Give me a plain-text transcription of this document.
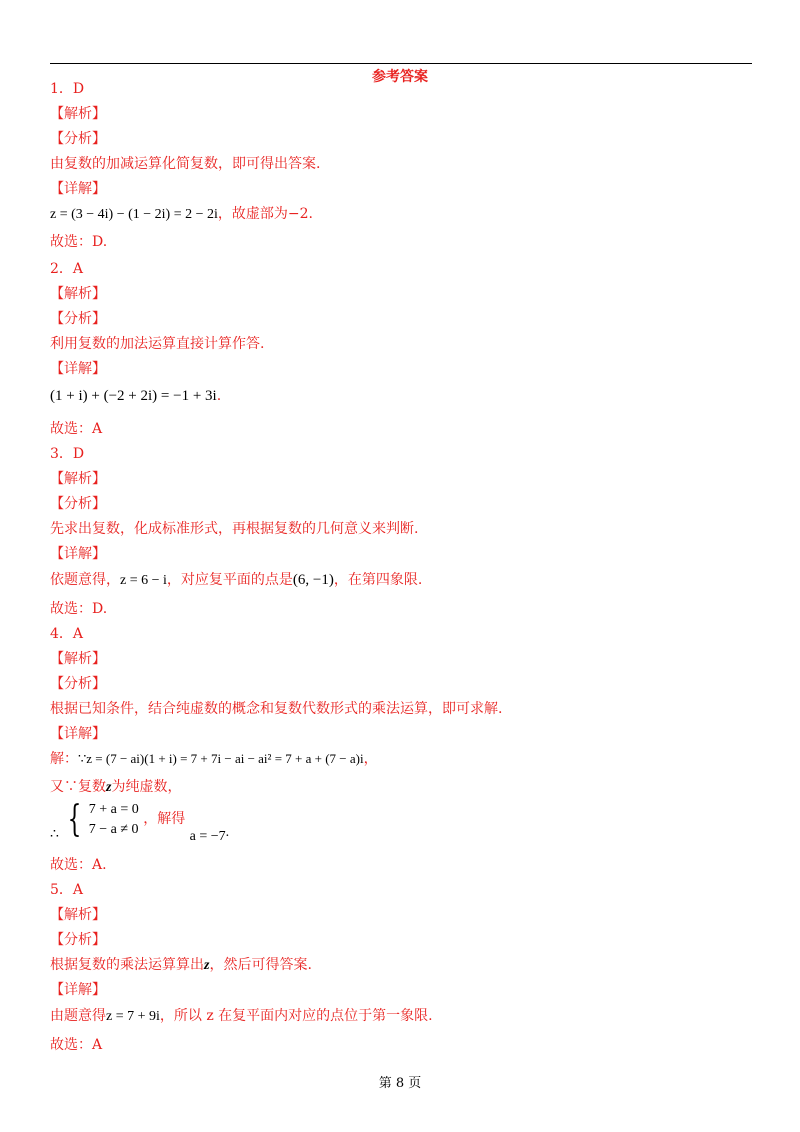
参考答案
1．D
【解析】
【分析】
由复数的加减运算化简复数，即可得出答案.
【详解】
z = (3 − 4i) − (1 − 2i) = 2 − 2i，故虚部为−2.
故选：D.
2．A
【解析】
【分析】
利用复数的加法运算直接计算作答.
【详解】
(1 + i) + (−2 + 2i) = −1 + 3i.
故选：A
3．D
【解析】
【分析】
先求出复数，化成标准形式，再根据复数的几何意义来判断.
【详解】
依题意得，z = 6 − i，对应复平面的点是(6, −1)，在第四象限.
故选：D.
4．A
【解析】
【分析】
根据已知条件，结合纯虚数的概念和复数代数形式的乘法运算，即可求解.
【详解】
解：∵z = (7 − ai)(1 + i) = 7 + 7i − ai − ai² = 7 + a + (7 − a)i，
又∵复数z为纯虚数，
∴ { 7 + a = 0
7 − a ≠ 0
，解得 a = −7.
故选：A.
5．A
【解析】
【分析】
根据复数的乘法运算算出z，然后可得答案.
【详解】
由题意得z = 7 + 9i，所以 z 在复平面内对应的点位于第一象限.
故选：A
第 8 页
